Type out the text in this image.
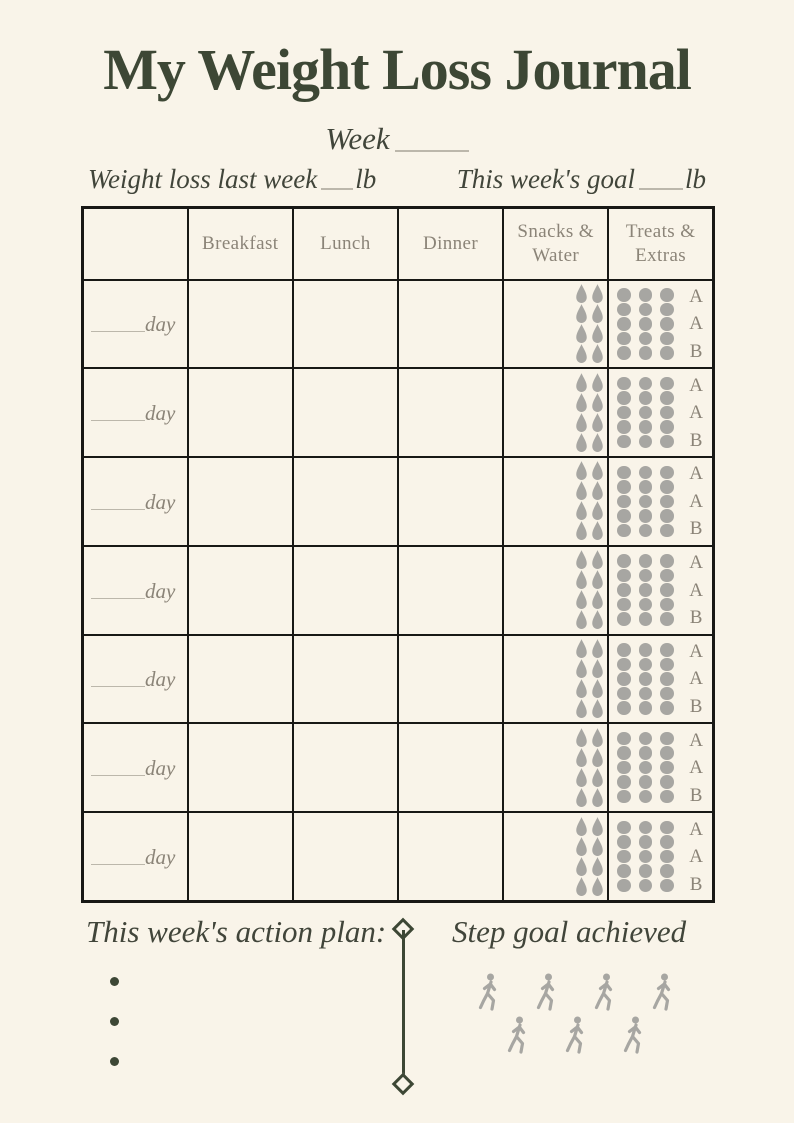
My Weight Loss Journal
Week
Weight loss last week lb	This week's goal lb
	Breakfast	Lunch	Dinner	Snacks & Water	Treats & Extras

day					A
A
B

day					A
A
B

day					A
A
B

day					A
A
B

day					A
A
B

day					A
A
B

day					A
A
B
This week's action plan: Step goal achieved
